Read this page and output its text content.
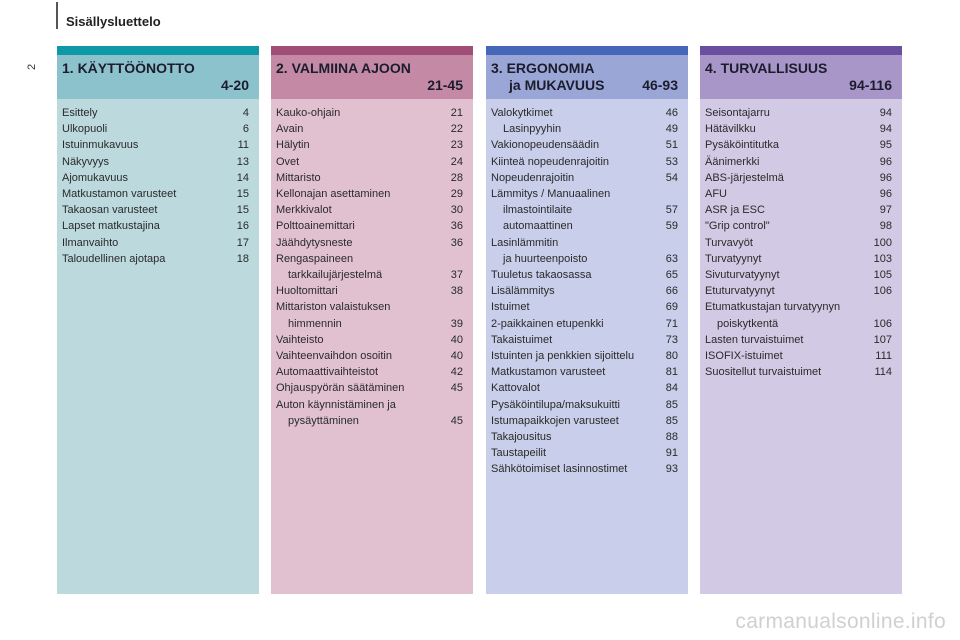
Sisällysluettelo
2 1. KÄYTTÖÖNOTTO
4-20
Esittely	4
Ulkopuoli	6
Istuinmukavuus	11
Näkyvyys	13
Ajomukavuus	14
Matkustamon varusteet	15
Takaosan varusteet	15
Lapset matkustajina	16
Ilmanvaihto	17
Taloudellinen ajotapa	18
2. VALMIINA AJOON
21-45
Kauko-ohjain	21
Avain	22
Hälytin	23
Ovet	24
Mittaristo	28
Kellonajan asettaminen	29
Merkkivalot	30
Polttoainemittari	36
Jäähdytysneste	36
Rengaspaineen
tarkkailujärjestelmä	37
Huoltomittari	38
Mittariston valaistuksen
himmennin	39
Vaihteisto	40
Vaihteenvaihdon osoitin	40
Automaattivaihteistot	42
Ohjauspyörän säätäminen	45
Auton käynnistäminen ja
pysäyttäminen	45
3. ERGONOMIA
ja MUKAVUUS	46-93
Valokytkimet	46
Lasinpyyhin	49
Vakionopeudensäädin	51
Kiinteä nopeudenrajoitin	53
Nopeudenrajoitin	54
Lämmitys / Manuaalinen
ilmastointilaite	57
automaattinen	59
Lasinlämmitin
ja huurteenpoisto	63
Tuuletus takaosassa	65
Lisälämmitys	66
Istuimet	69
2-paikkainen etupenkki	71
Takaistuimet	73
Istuinten ja penkkien sijoittelu	80
Matkustamon varusteet	81
Kattovalot	84
Pysäköintilupa/maksukuitti	85
Istumapaikkojen varusteet	85
Takajousitus	88
Taustapeilit	91
Sähkötoimiset lasinnostimet	93
4. TURVALLISUUS
94-116
Seisontajarru	94
Hätävilkku	94
Pysäköintitutka	95
Äänimerkki	96
ABS-järjestelmä	96
AFU	96
ASR ja ESC	97
"Grip control"	98
Turvavyöt	100
Turvatyynyt	103
Sivuturvatyynyt	105
Etuturvatyynyt	106
Etumatkustajan turvatyynyn
poiskytkentä	106
Lasten turvaistuimet	107
ISOFIX-istuimet	111
Suositellut turvaistuimet	114
carmanualsonline.info
